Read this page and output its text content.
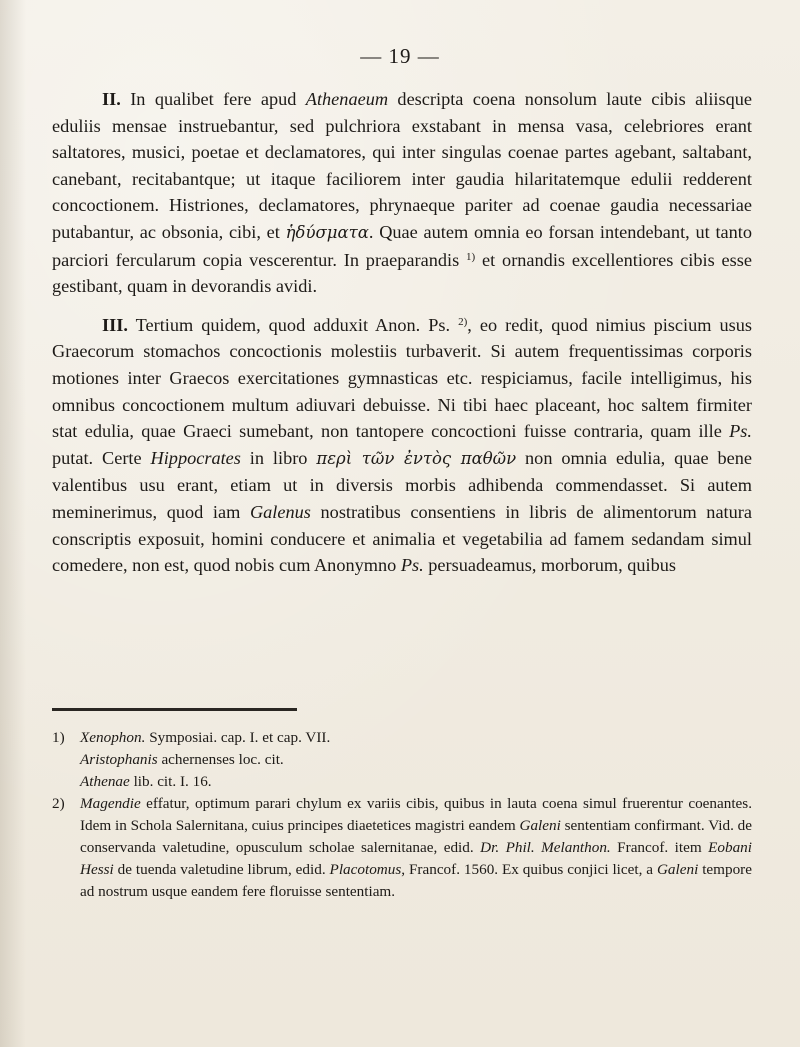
— 19 —

II. In qualibet fere apud Athenaeum descripta coena nonsolum laute cibis aliisque eduliis mensae instruebantur, sed pulchriora exstabant in mensa vasa, celebriores erant saltatores, musici, poetae et declamatores, qui inter singulas coenae partes agebant, saltabant, canebant, recitabantque; ut itaque faciliorem inter gaudia hilaritatemque edulii redderent concoctionem. Histriones, declamatores, phrynaeque pariter ad coenae gaudia necessariae putabantur, ac obsonia, cibi, et ἡδύσματα. Quae autem omnia eo forsan intendebant, ut tanto parciori fercularum copia vescerentur. In praeparandis $^{1)}$ et ornandis excellentiores cibis esse gestibant, quam in devorandis avidi.

III. Tertium quidem, quod adduxit Anon. Ps. $^{2)}$, eo redit, quod nimius piscium usus Graecorum stomachos concoctionis molestiis turbaverit. Si autem frequentissimas corporis motiones inter Graecos exercitationes gymnasticas etc. respiciamus, facile intelligimus, his omnibus concoctionem multum adiuvari debuisse. Ni tibi haec placeant, hoc saltem firmiter stat edulia, quae Graeci sumebant, non tantopere concoctioni fuisse contraria, quam ille Ps. putat. Certe Hippocrates in libro περὶ τῶν ἐντὸς παθῶν non omnia edulia, quae bene valentibus usu erant, etiam ut in diversis morbis adhibenda commendasset. Si autem meminerimus, quod iam Galenus nostratibus consentiens in libris de alimentorum natura conscriptis exposuit, homini conducere et animalia et vegetabilia ad famem sedandam simul comedere, non est, quod nobis cum Anonymno Ps. persuadeamus, morborum, quibus

1) Xenophon. Symposiai. cap. I. et cap. VII.
Aristophanis achernenses loc. cit.
Athenae lib. cit. I. 16.
2) Magendie effatur, optimum parari chylum ex variis cibis, quibus in lauta coena simul fruerentur coenantes. Idem in Schola Salernitana, cuius principes diaetetices magistri eandem Galeni sententiam confirmant. Vid. de conservanda valetudine, opusculum scholae salernitanae, edid. Dr. Phil. Melanthon. Francof. item Eobani Hessi de tuenda valetudine librum, edid. Placotomus, Francof. 1560. Ex quibus conjici licet, a Galeni tempore ad nostrum usque eandem fere floruisse sententiam.
